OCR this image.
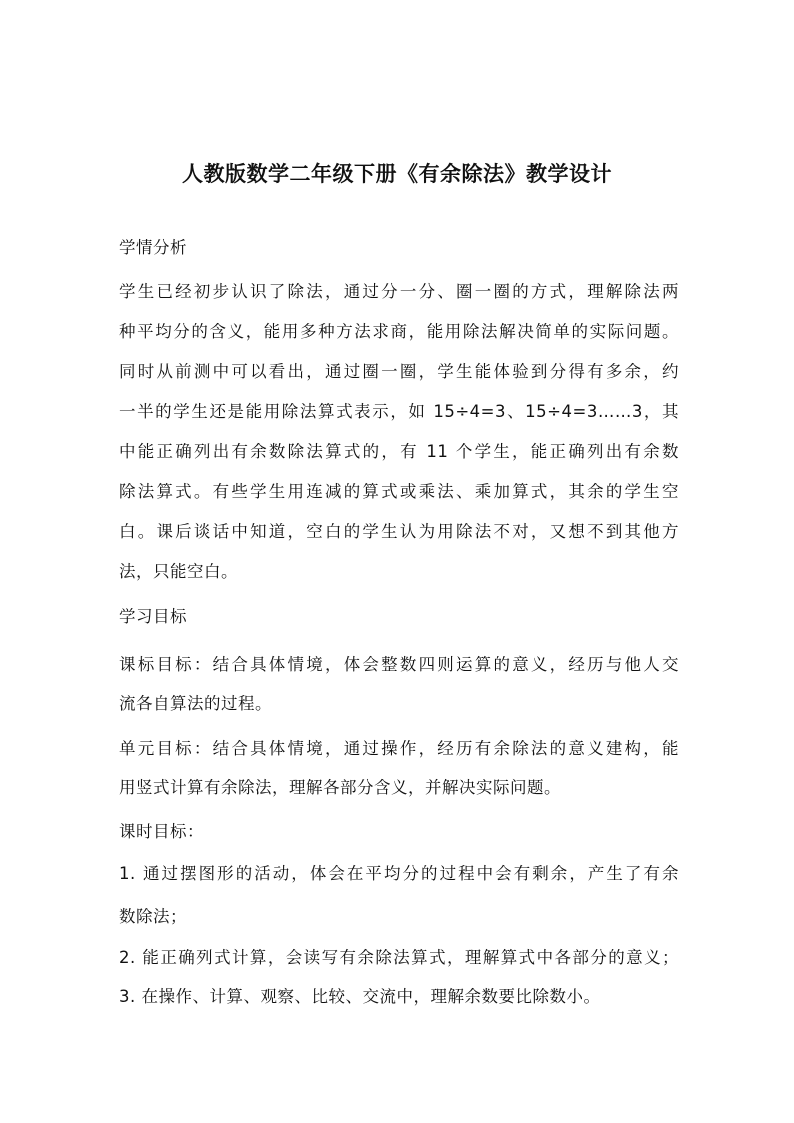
人教版数学二年级下册《有余除法》教学设计
学情分析
学生已经初步认识了除法，通过分一分、圈一圈的方式，理解除法两
种平均分的含义，能用多种方法求商，能用除法解决简单的实际问题。
同时从前测中可以看出，通过圈一圈，学生能体验到分得有多余，约
一半的学生还是能用除法算式表示，如 15÷4=3、15÷4=3……3，其
中能正确列出有余数除法算式的，有 11 个学生，能正确列出有余数
除法算式。有些学生用连减的算式或乘法、乘加算式，其余的学生空
白。课后谈话中知道，空白的学生认为用除法不对，又想不到其他方
法，只能空白。
学习目标
课标目标：结合具体情境，体会整数四则运算的意义，经历与他人交
流各自算法的过程。
单元目标：结合具体情境，通过操作，经历有余除法的意义建构，能
用竖式计算有余除法，理解各部分含义，并解决实际问题。
课时目标：
1. 通过摆图形的活动，体会在平均分的过程中会有剩余，产生了有余
数除法；
2. 能正确列式计算，会读写有余除法算式，理解算式中各部分的意义；
3. 在操作、计算、观察、比较、交流中，理解余数要比除数小。
